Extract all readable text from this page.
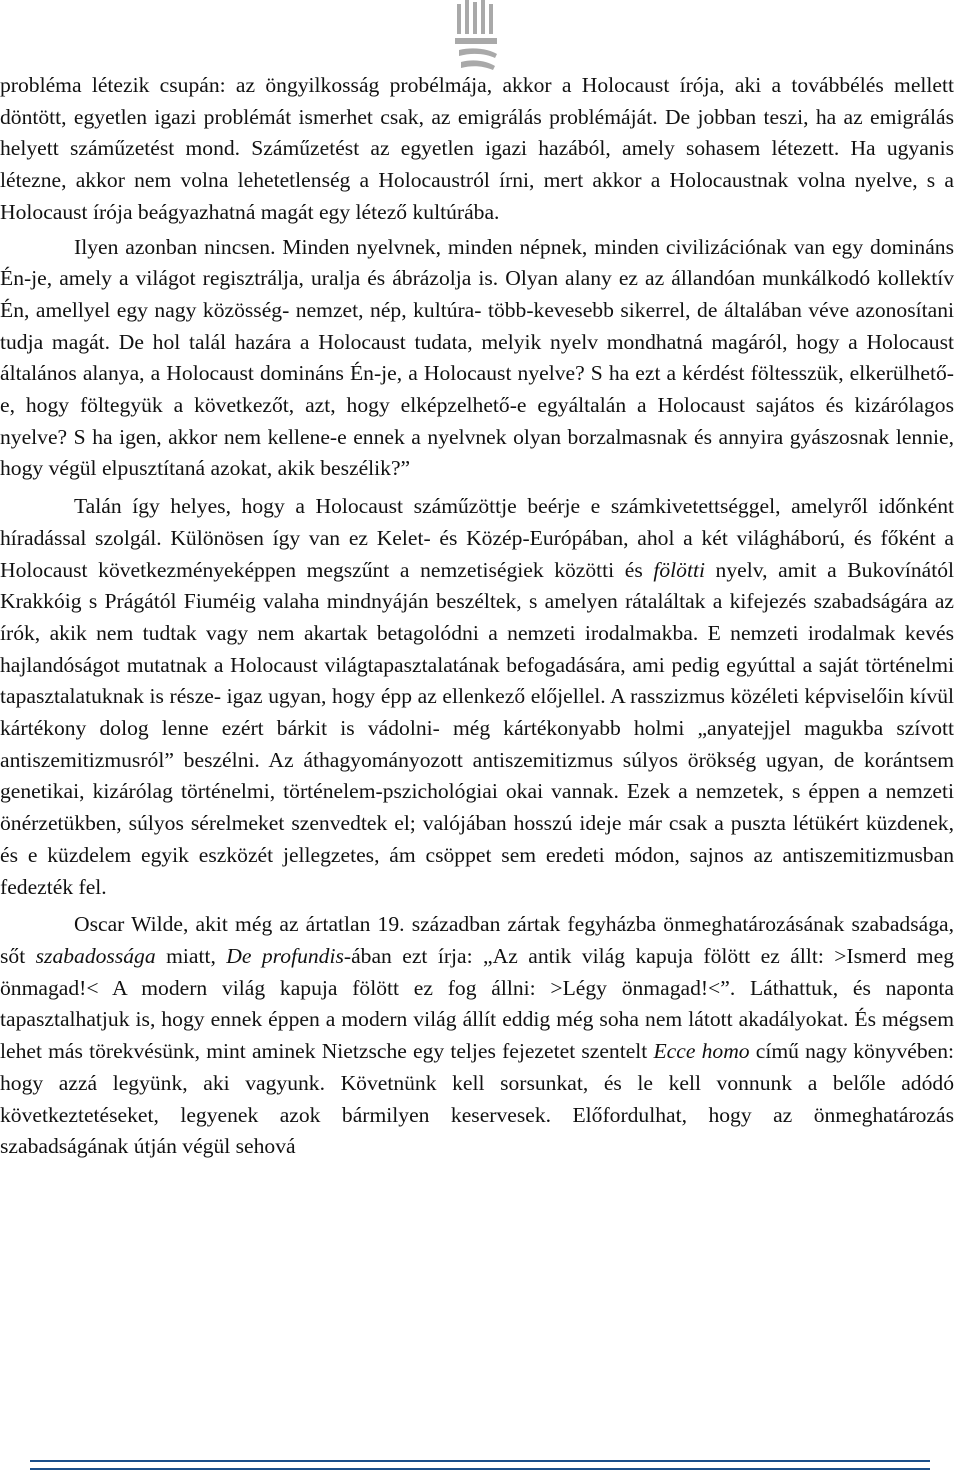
probléma létezik csupán: az öngyilkosság probélmája, akkor a Holocaust írója, aki a továbbélés mellett döntött, egyetlen igazi problémát ismerhet csak, az emigrálás problémáját. De jobban teszi, ha az emigrálás helyett száműzetést mond. Száműzetést az egyetlen igazi hazából, amely sohasem létezett. Ha ugyanis létezne, akkor nem volna lehetetlenség a Holocaustról írni, mert akkor a Holocaustnak volna nyelve, s a Holocaust írója beágyazhatná magát egy létező kultúrába.

Ilyen azonban nincsen. Minden nyelvnek, minden népnek, minden civilizációnak van egy domináns Én-je, amely a világot regisztrálja, uralja és ábrázolja is. Olyan alany ez az állandóan munkálkodó kollektív Én, amellyel egy nagy közösség- nemzet, nép, kultúra- több-kevesebb sikerrel, de általában véve azonosítani tudja magát. De hol talál hazára a Holocaust tudata, melyik nyelv mondhatná magáról, hogy a Holocaust általános alanya, a Holocaust domináns Én-je, a Holocaust nyelve? S ha ezt a kérdést föltesszük, elkerülhető-e, hogy föltegyük a következőt, azt, hogy elképzelhető-e egyáltalán a Holocaust sajátos és kizárólagos nyelve? S ha igen, akkor nem kellene-e ennek a nyelvnek olyan borzalmasnak és annyira gyászosnak lennie, hogy végül elpusztítaná azokat, akik beszélik?”

Talán így helyes, hogy a Holocaust száműzöttje beérje e számkivetettséggel, amelyről időnként híradással szolgál. Különösen így van ez Kelet- és Közép-Európában, ahol a két világháború, és főként a Holocaust következményeképpen megszűnt a nemzetiségiek közötti és fölötti nyelv, amit a Bukovínától Krakkóig s Prágától Fiuméig valaha mindnyáján beszéltek, s amelyen rátaláltak a kifejezés szabadságára az írók, akik nem tudtak vagy nem akartak betagolódni a nemzeti irodalmakba. E nemzeti irodalmak kevés hajlandóságot mutatnak a Holocaust világtapasztalatának befogadására, ami pedig egyúttal a saját történelmi tapasztalatuknak is része- igaz ugyan, hogy épp az ellenkező előjellel. A rasszizmus közéleti képviselőin kívül kártékony dolog lenne ezért bárkit is vádolni- még kártékonyabb holmi „anyatejjel magukba szívott antiszemitizmusról” beszélni. Az áthagyományozott antiszemitizmus súlyos örökség ugyan, de korántsem genetikai, kizárólag történelmi, történelem-pszichológiai okai vannak. Ezek a nemzetek, s éppen a nemzeti önérzetükben, súlyos sérelmeket szenvedtek el; valójában hosszú ideje már csak a puszta létükért küzdenek, és e küzdelem egyik eszközét jellegzetes, ám csöppet sem eredeti módon, sajnos az antiszemitizmusban fedezték fel.

Oscar Wilde, akit még az ártatlan 19. században zártak fegyházba önmeghatározásának szabadsága, sőt szabadossága miatt, De profundis-ában ezt írja: „Az antik világ kapuja fölött ez állt: >Ismerd meg önmagad!< A modern világ kapuja fölött ez fog állni: >Légy önmagad!<”. Láthattuk, és naponta tapasztalhatjuk is, hogy ennek éppen a modern világ állít eddig még soha nem látott akadályokat. És mégsem lehet más törekvésünk, mint aminek Nietzsche egy teljes fejezetet szentelt Ecce homo című nagy könyvében: hogy azzá legyünk, aki vagyunk. Követnünk kell sorsunkat, és le kell vonnunk a belőle adódó következtetéseket, legyenek azok bármilyen keservesek. Előfordulhat, hogy az önmeghatározás szabadságának útján végül sehová
